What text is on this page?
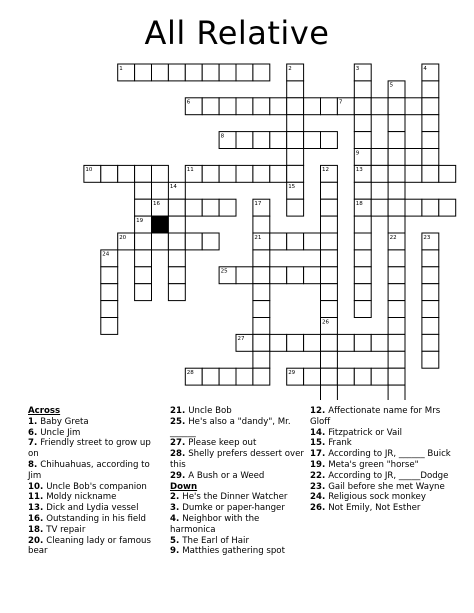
All Relative
1	2	3	4
5
6	7
8
9
10	11	12	13
14	15
16	17	18
19
20	21	22	23
24
25
26
27
28	29
Across
1. Baby Greta
6. Uncle Jim
7. Friendly street to grow up on
8. Chihuahuas, according to Jim
10. Uncle Bob's companion
11. Moldy nickname
13. Dick and Lydia vessel
16. Outstanding in his field
18. TV repair
20. Cleaning lady or famous bear
21. Uncle Bob
25. He's also a "dandy", Mr. ______
27. Please keep out
28. Shelly prefers dessert over this
29. A Bush or a Weed
Down
2. He's the Dinner Watcher
3. Dumke or paper-hanger
4. Neighbor with the harmonica
5. The Earl of Hair
9. Matthies gathering spot
12. Affectionate name for Mrs Gloff
14. Fitzpatrick or Vail
15. Frank
17. According to JR, ______ Buick
19. Meta's green "horse"
22. According to JR, _____Dodge
23. Gail before she met Wayne
24. Religious sock monkey
26. Not Emily, Not Esther
